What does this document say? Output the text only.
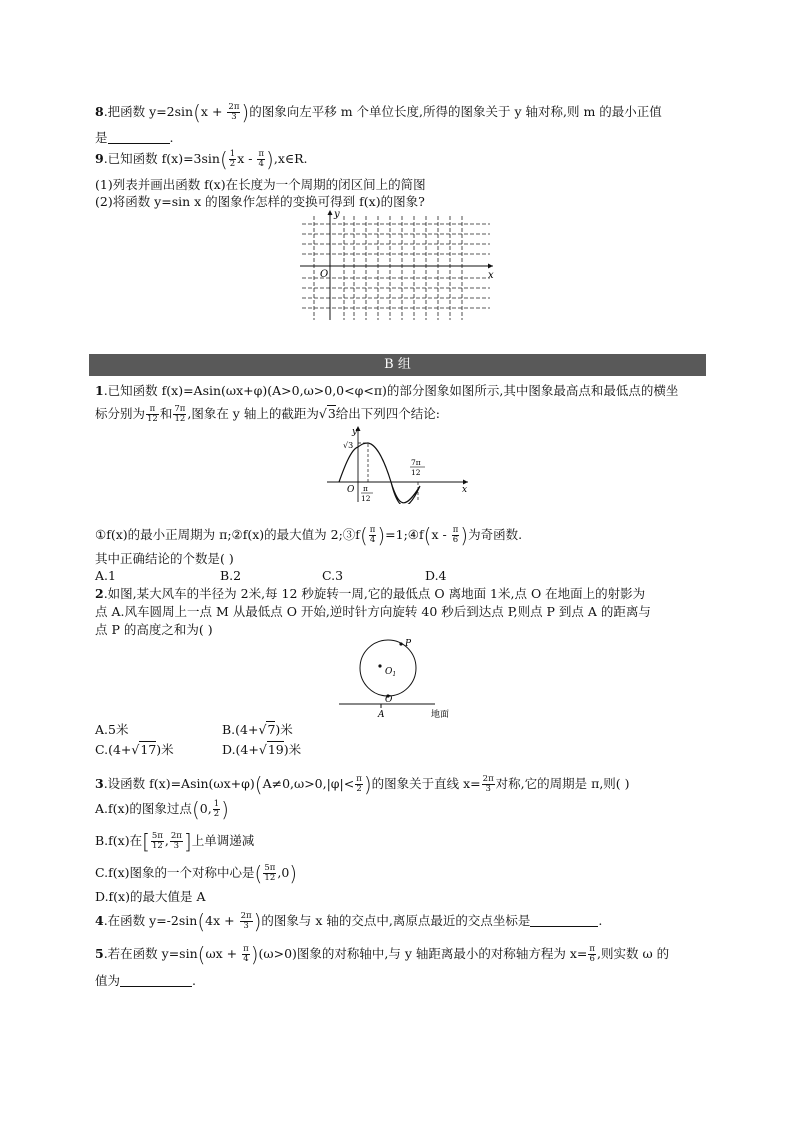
8.把函数 $y=2\sin(x + \frac{2\pi}{3}$ )的图象向左平移 m 个单位长度,所得的图象关于 y 轴对称,则 m 的最小正值
是	.
9.已知函数 $f(x)=3\sin( \frac{1}{2}$ x - $\frac{\pi}{4}$ ),x∈R.
(1)列表并画出函数 f(x)在长度为一个周期的闭区间上的简图
(2)将函数 y=sin x 的图象作怎样的变换可得到 f(x)的图象?
y
x
O
B 组
1.已知函数 f(x)=Asin(ωx+φ)(A>0,ω>0,0<φ<π)的部分图象如图所示,其中图象最高点和最低点的横坐
标分别为 $\frac{\pi}{12}$ 和 $\frac{7\pi}{12}$ ,图象在 y 轴上的截距为√3给出下列四个结论:
y
√3
x
O π
12
7π
12
①f(x)的最小正周期为 π;②f(x)的最大值为 2;③f( $\frac{\pi}{4}$ )=1;④f(x - $\frac{\pi}{6}$ )为奇函数.
其中正确结论的个数是( )
A.1	B.2	C.3	D.4
2.如图,某大风车的半径为 2米,每 12 秒旋转一周,它的最低点 O 离地面 1米,点 O 在地面上的射影为
点 A.风车圆周上一点 M 从最低点 O 开始,逆时针方向旋转 40 秒后到达点 P,则点 P 到点 A 的距离与
点 P 的高度之和为( )
P
$O_1$
O
A	地面
A.5米	B.(4+√7)米
C.(4+√17)米	D.(4+√19)米
3.设函数 $f(x)=Asin(\omega x+\varphi)(A\ne 0,\omega>0,|\varphi|< \frac{\pi}{2}$ )的图象关于直线 $x= \frac{2\pi}{3}$ 对称,它的周期是 π,则( )
A.f(x)的图象过点(0, $\frac{1}{2}$ )
B.f(x)在[ $\frac{5\pi}{12}$ , $\frac{2\pi}{3}$ ]上单调递减
C.f(x)图象的一个对称中心是( $\frac{5\pi}{12} ,0$)
D.f(x)的最大值是 A
4.在函数 $y=-2\sin(4x + \frac{2\pi}{3}$ )的图象与 x 轴的交点中,离原点最近的交点坐标是	.
5.若在函数 $y=\sin(\omega x + \frac{\pi}{4} )(\omega>0)$图象的对称轴中,与 y 轴距离最小的对称轴方程为 $x= \frac{\pi}{6}$ ,则实数 ω 的
值为	.
